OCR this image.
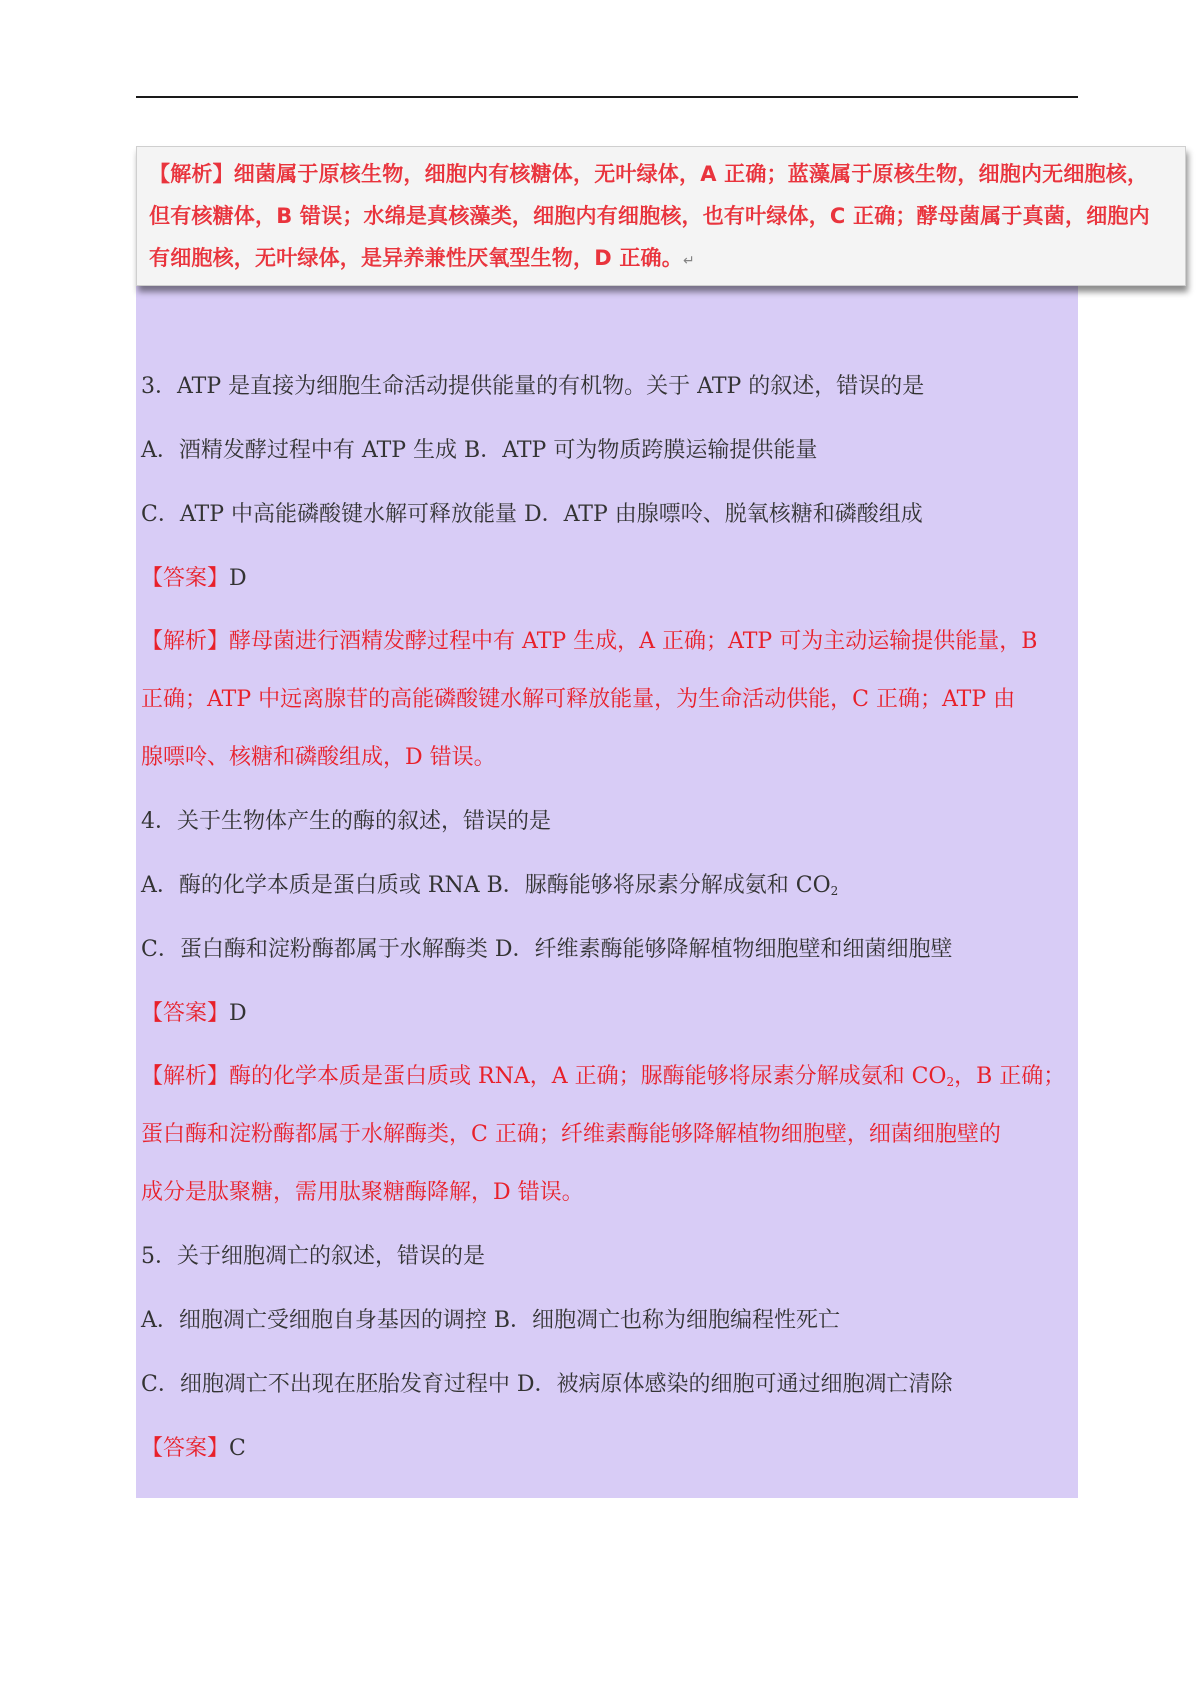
【解析】细菌属于原核生物，细胞内有核糖体，无叶绿体，A 正确；蓝藻属于原核生物，细胞内无细胞核，
但有核糖体，B 错误；水绵是真核藻类，细胞内有细胞核，也有叶绿体，C 正确；酵母菌属于真菌，细胞内
有细胞核，无叶绿体，是异养兼性厌氧型生物，D 正确。↵
3．ATP 是直接为细胞生命活动提供能量的有机物。关于 ATP 的叙述，错误的是
A．酒精发酵过程中有 ATP 生成 B．ATP 可为物质跨膜运输提供能量
C．ATP 中高能磷酸键水解可释放能量 D．ATP 由腺嘌呤、脱氧核糖和磷酸组成
【答案】D
【解析】酵母菌进行酒精发酵过程中有 ATP 生成，A 正确；ATP 可为主动运输提供能量，B
正确；ATP 中远离腺苷的高能磷酸键水解可释放能量，为生命活动供能，C 正确；ATP 由
腺嘌呤、核糖和磷酸组成，D 错误。
4．关于生物体产生的酶的叙述，错误的是
A．酶的化学本质是蛋白质或 RNA B．脲酶能够将尿素分解成氨和 $CO_2$
C．蛋白酶和淀粉酶都属于水解酶类 D．纤维素酶能够降解植物细胞壁和细菌细胞壁
【答案】D
【解析】酶的化学本质是蛋白质或 RNA，A 正确；脲酶能够将尿素分解成氨和 $CO_2$，B 正确；
蛋白酶和淀粉酶都属于水解酶类，C 正确；纤维素酶能够降解植物细胞壁，细菌细胞壁的
成分是肽聚糖，需用肽聚糖酶降解，D 错误。
5．关于细胞凋亡的叙述，错误的是
A．细胞凋亡受细胞自身基因的调控 B．细胞凋亡也称为细胞编程性死亡
C．细胞凋亡不出现在胚胎发育过程中 D．被病原体感染的细胞可通过细胞凋亡清除
【答案】C
